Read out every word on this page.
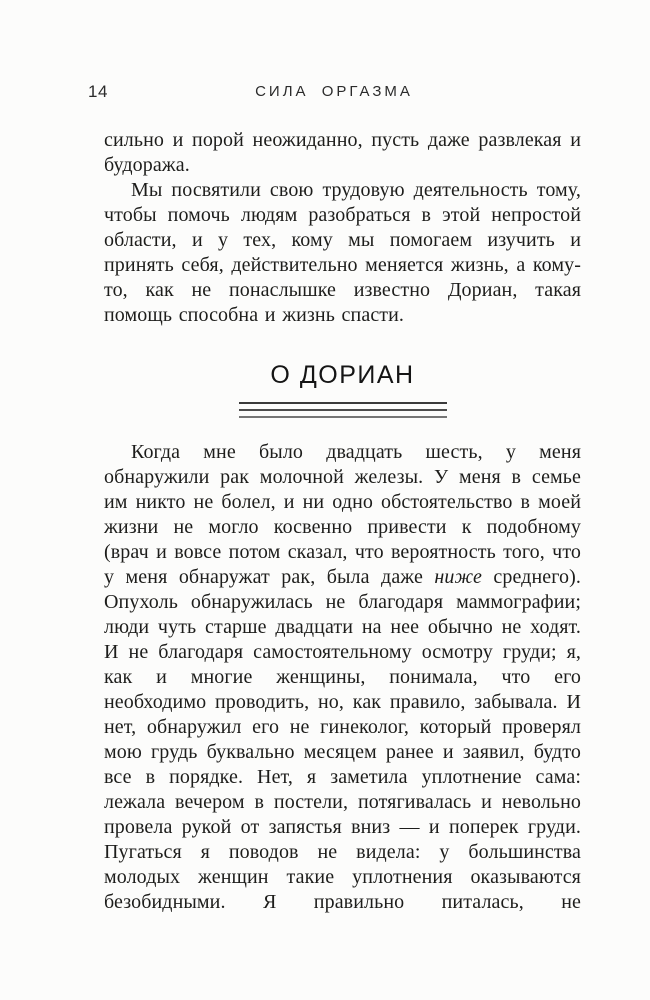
14	СИЛА ОРГАЗМА

сильно и порой неожиданно, пусть даже развлекая и будоража.

Мы посвятили свою трудовую деятельность тому, чтобы помочь людям разобраться в этой непростой области, и у тех, кому мы помогаем изучить и принять себя, действительно меняется жизнь, а кому-то, как не понаслышке известно Дориан, такая помощь способна и жизнь спасти.

О ДОРИАН

Когда мне было двадцать шесть, у меня обнаружили рак молочной железы. У меня в семье им никто не болел, и ни одно обстоятельство в моей жизни не могло косвенно привести к подобному (врач и вовсе потом сказал, что вероятность того, что у меня обнаружат рак, была даже ниже среднего). Опухоль обнаружилась не благодаря маммографии; люди чуть старше двадцати на нее обычно не ходят. И не благодаря самостоятельному осмотру груди; я, как и многие женщины, понимала, что его необходимо проводить, но, как правило, забывала. И нет, обнаружил его не гинеколог, который проверял мою грудь буквально месяцем ранее и заявил, будто все в порядке. Нет, я заметила уплотнение сама: лежала вечером в постели, потягивалась и невольно провела рукой от запястья вниз — и поперек груди. Пугаться я поводов не видела: у большинства молодых женщин такие уплотнения оказываются безобидными. Я правильно питалась, не
